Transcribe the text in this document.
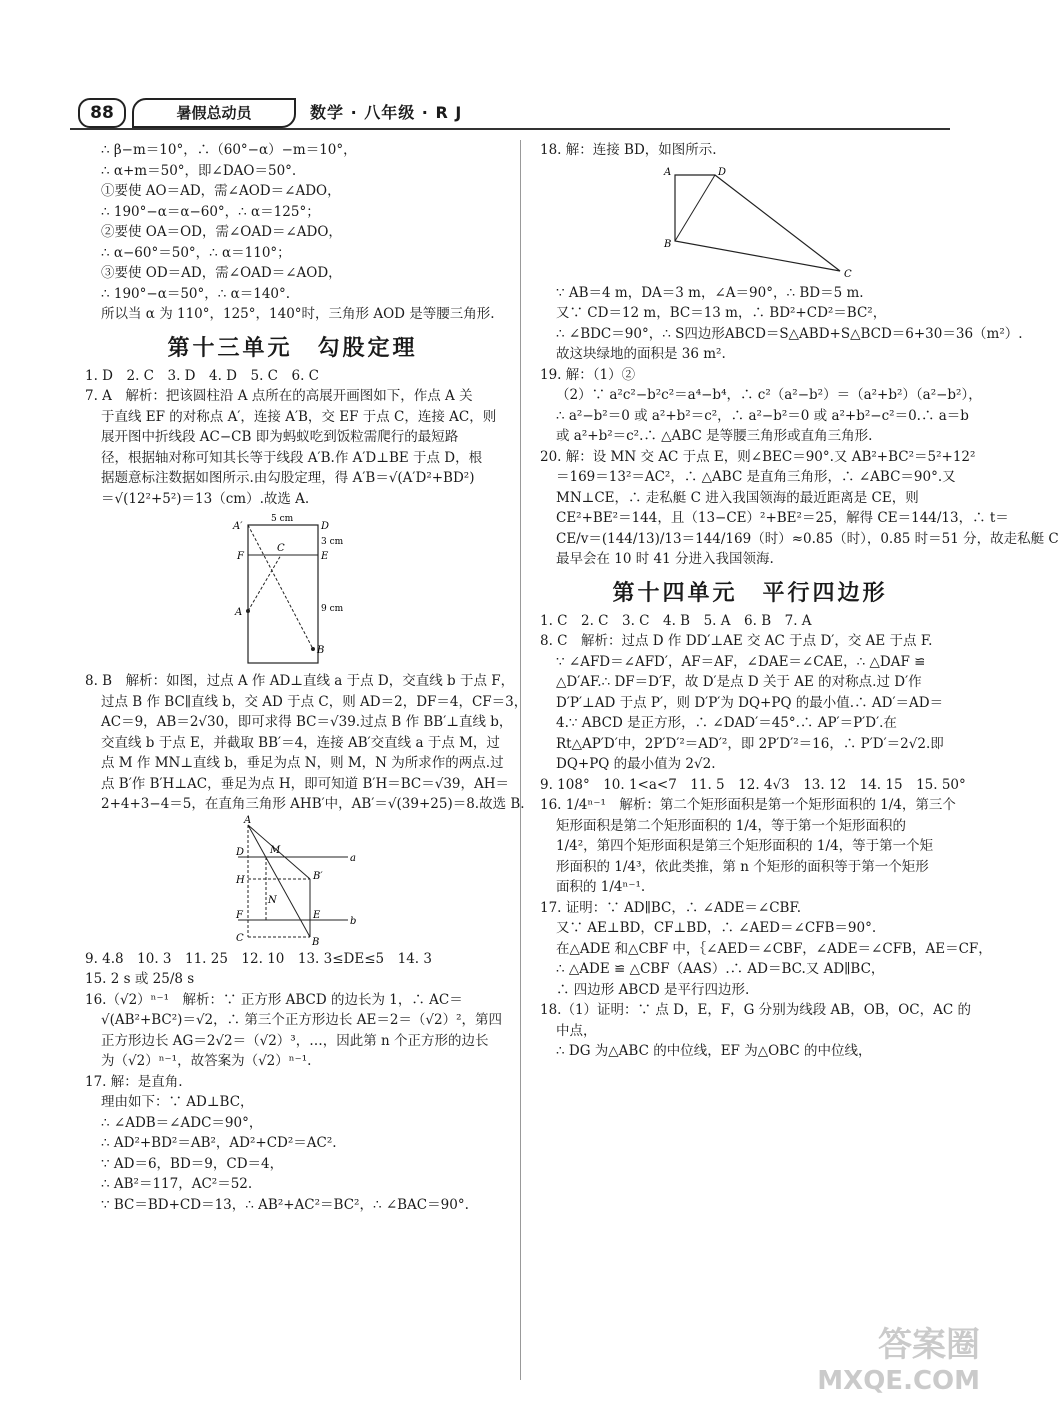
88	暑假总动员	数学 · 八年级 · R J
∴ β−m＝10°，∴（60°−α）−m＝10°，
∴ α+m＝50°，即∠DAO＝50°.
①要使 AO＝AD，需∠AOD＝∠ADO，
∴ 190°−α＝α−60°，∴ α＝125°；
②要使 OA＝OD，需∠OAD＝∠ADO，
∴ α−60°＝50°，∴ α＝110°；
③要使 OD＝AD，需∠OAD＝∠AOD，
∴ 190°−α＝50°，∴ α＝140°.
所以当 α 为 110°，125°，140°时，三角形 AOD 是等腰三角形.
第十三单元　勾股定理
1. D　2. C　3. D　4. D　5. C　6. C
7. A　解析：把该圆柱沿 A 点所在的高展开画图如下，作点 A 关
于直线 EF 的对称点 A′，连接 A′B，交 EF 于点 C，连接 AC，则
展开图中折线段 AC−CB 即为蚂蚁吃到饭粒需爬行的最短路
径，根据轴对称可知其长等于线段 A′B.作 A′D⊥BE 于点 D，根
据题意标注数据如图所示.由勾股定理，得 A′B＝√(A′D²+BD²)
＝√(12²+5²)＝13（cm）.故选 A.
5 cm
3 cm
9 cm
A′	D
F
C
E
A
B
8. B　解析：如图，过点 A 作 AD⊥直线 a 于点 D，交直线 b 于点 F，
过点 B 作 BC∥直线 b，交 AD 于点 C，则 AD＝2，DF＝4，CF＝3，
AC＝9，AB＝2√30，即可求得 BC＝√39.过点 B 作 BB′⊥直线 b，
交直线 b 于点 E，并截取 BB′＝4，连接 AB′交直线 a 于点 M，过
点 M 作 MN⊥直线 b，垂足为点 N，则 M，N 为所求作的两点.过
点 B′作 B′H⊥AC，垂足为点 H，即可知道 B′H＝BC＝√39，AH＝
2+4+3−4＝5，在直角三角形 AHB′中，AB′＝√(39+25)＝8.故选 B.
A
M
a
D
B′
H
N
C
F	E
b
B
9. 4.8　10. 3　11. 25　12. 10　13. 3≤DE≤5　14. 3
15. 2 s 或 25/8 s
16.（√2）ⁿ⁻¹　解析：∵ 正方形 ABCD 的边长为 1，∴ AC＝
√(AB²+BC²)＝√2，∴ 第三个正方形边长 AE＝2＝（√2）²，第四
正方形边长 AG＝2√2＝（√2）³，…，因此第 n 个正方形的边长
为（√2）ⁿ⁻¹，故答案为（√2）ⁿ⁻¹.
17. 解：是直角.
理由如下：∵ AD⊥BC，
∴ ∠ADB＝∠ADC＝90°，
∴ AD²+BD²＝AB²，AD²+CD²＝AC².
∵ AD＝6，BD＝9，CD＝4，
∴ AB²＝117，AC²＝52.
∵ BC＝BD+CD＝13，∴ AB²+AC²＝BC²，∴ ∠BAC＝90°.
18. 解：连接 BD，如图所示.
A	D
B
C
∵ AB＝4 m，DA＝3 m，∠A＝90°，∴ BD＝5 m.
又∵ CD＝12 m，BC＝13 m，∴ BD²+CD²＝BC²，
∴ ∠BDC＝90°，∴ S四边形ABCD＝S△ABD+S△BCD＝6+30＝36（m²）.
故这块绿地的面积是 36 m².
19. 解：（1）②
（2）∵ a²c²−b²c²＝a⁴−b⁴，∴ c²（a²−b²）＝（a²+b²）（a²−b²），
∴ a²−b²＝0 或 a²+b²＝c²，∴ a²−b²＝0 或 a²+b²−c²＝0.∴ a＝b
或 a²+b²＝c².∴ △ABC 是等腰三角形或直角三角形.
20. 解：设 MN 交 AC 于点 E，则∠BEC＝90°.又 AB²+BC²＝5²+12²
＝169＝13²＝AC²，∴ △ABC 是直角三角形，∴ ∠ABC＝90°.又
MN⊥CE，∴ 走私艇 C 进入我国领海的最近距离是 CE，则
CE²+BE²＝144，且（13−CE）²+BE²＝25，解得 CE＝144/13，∴ t＝
CE/v＝(144/13)/13＝144/169（时）≈0.85（时），0.85 时＝51 分，故走私艇 C
最早会在 10 时 41 分进入我国领海.
第十四单元　平行四边形
1. C　2. C　3. C　4. B　5. A　6. B　7. A
8. C　解析：过点 D 作 DD′⊥AE 交 AC 于点 D′，交 AE 于点 F.
∵ ∠AFD＝∠AFD′，AF＝AF，∠DAE＝∠CAE，∴ △DAF ≌
△D′AF.∴ DF＝D′F，故 D′是点 D 关于 AE 的对称点.过 D′作
D′P′⊥AD 于点 P′，则 D′P′为 DQ+PQ 的最小值.∴ AD′＝AD＝
4.∵ ABCD 是正方形，∴ ∠DAD′＝45°.∴ AP′＝P′D′.在
Rt△AP′D′中，2P′D′²＝AD′²，即 2P′D′²＝16，∴ P′D′＝2√2.即
DQ+PQ 的最小值为 2√2.
9. 108°　10. 1<a<7　11. 5　12. 4√3　13. 12　14. 15　15. 50°
16. 1/4ⁿ⁻¹　解析：第二个矩形面积是第一个矩形面积的 1/4，第三个
矩形面积是第二个矩形面积的 1/4，等于第一个矩形面积的
1/4²，第四个矩形面积是第三个矩形面积的 1/4，等于第一个矩
形面积的 1/4³，依此类推，第 n 个矩形的面积等于第一个矩形
面积的 1/4ⁿ⁻¹.
17. 证明：∵ AD∥BC，∴ ∠ADE＝∠CBF.
又∵ AE⊥BD，CF⊥BD，∴ ∠AED＝∠CFB＝90°.
在△ADE 和△CBF 中，｛∠AED＝∠CBF，∠ADE＝∠CFB，AE＝CF，
∴ △ADE ≌ △CBF（AAS）.∴ AD＝BC.又 AD∥BC，
∴ 四边形 ABCD 是平行四边形.
18.（1）证明：∵ 点 D，E，F，G 分别为线段 AB，OB，OC，AC 的
中点，
∴ DG 为△ABC 的中位线，EF 为△OBC 的中位线，
答案圈
MXQE.COM
